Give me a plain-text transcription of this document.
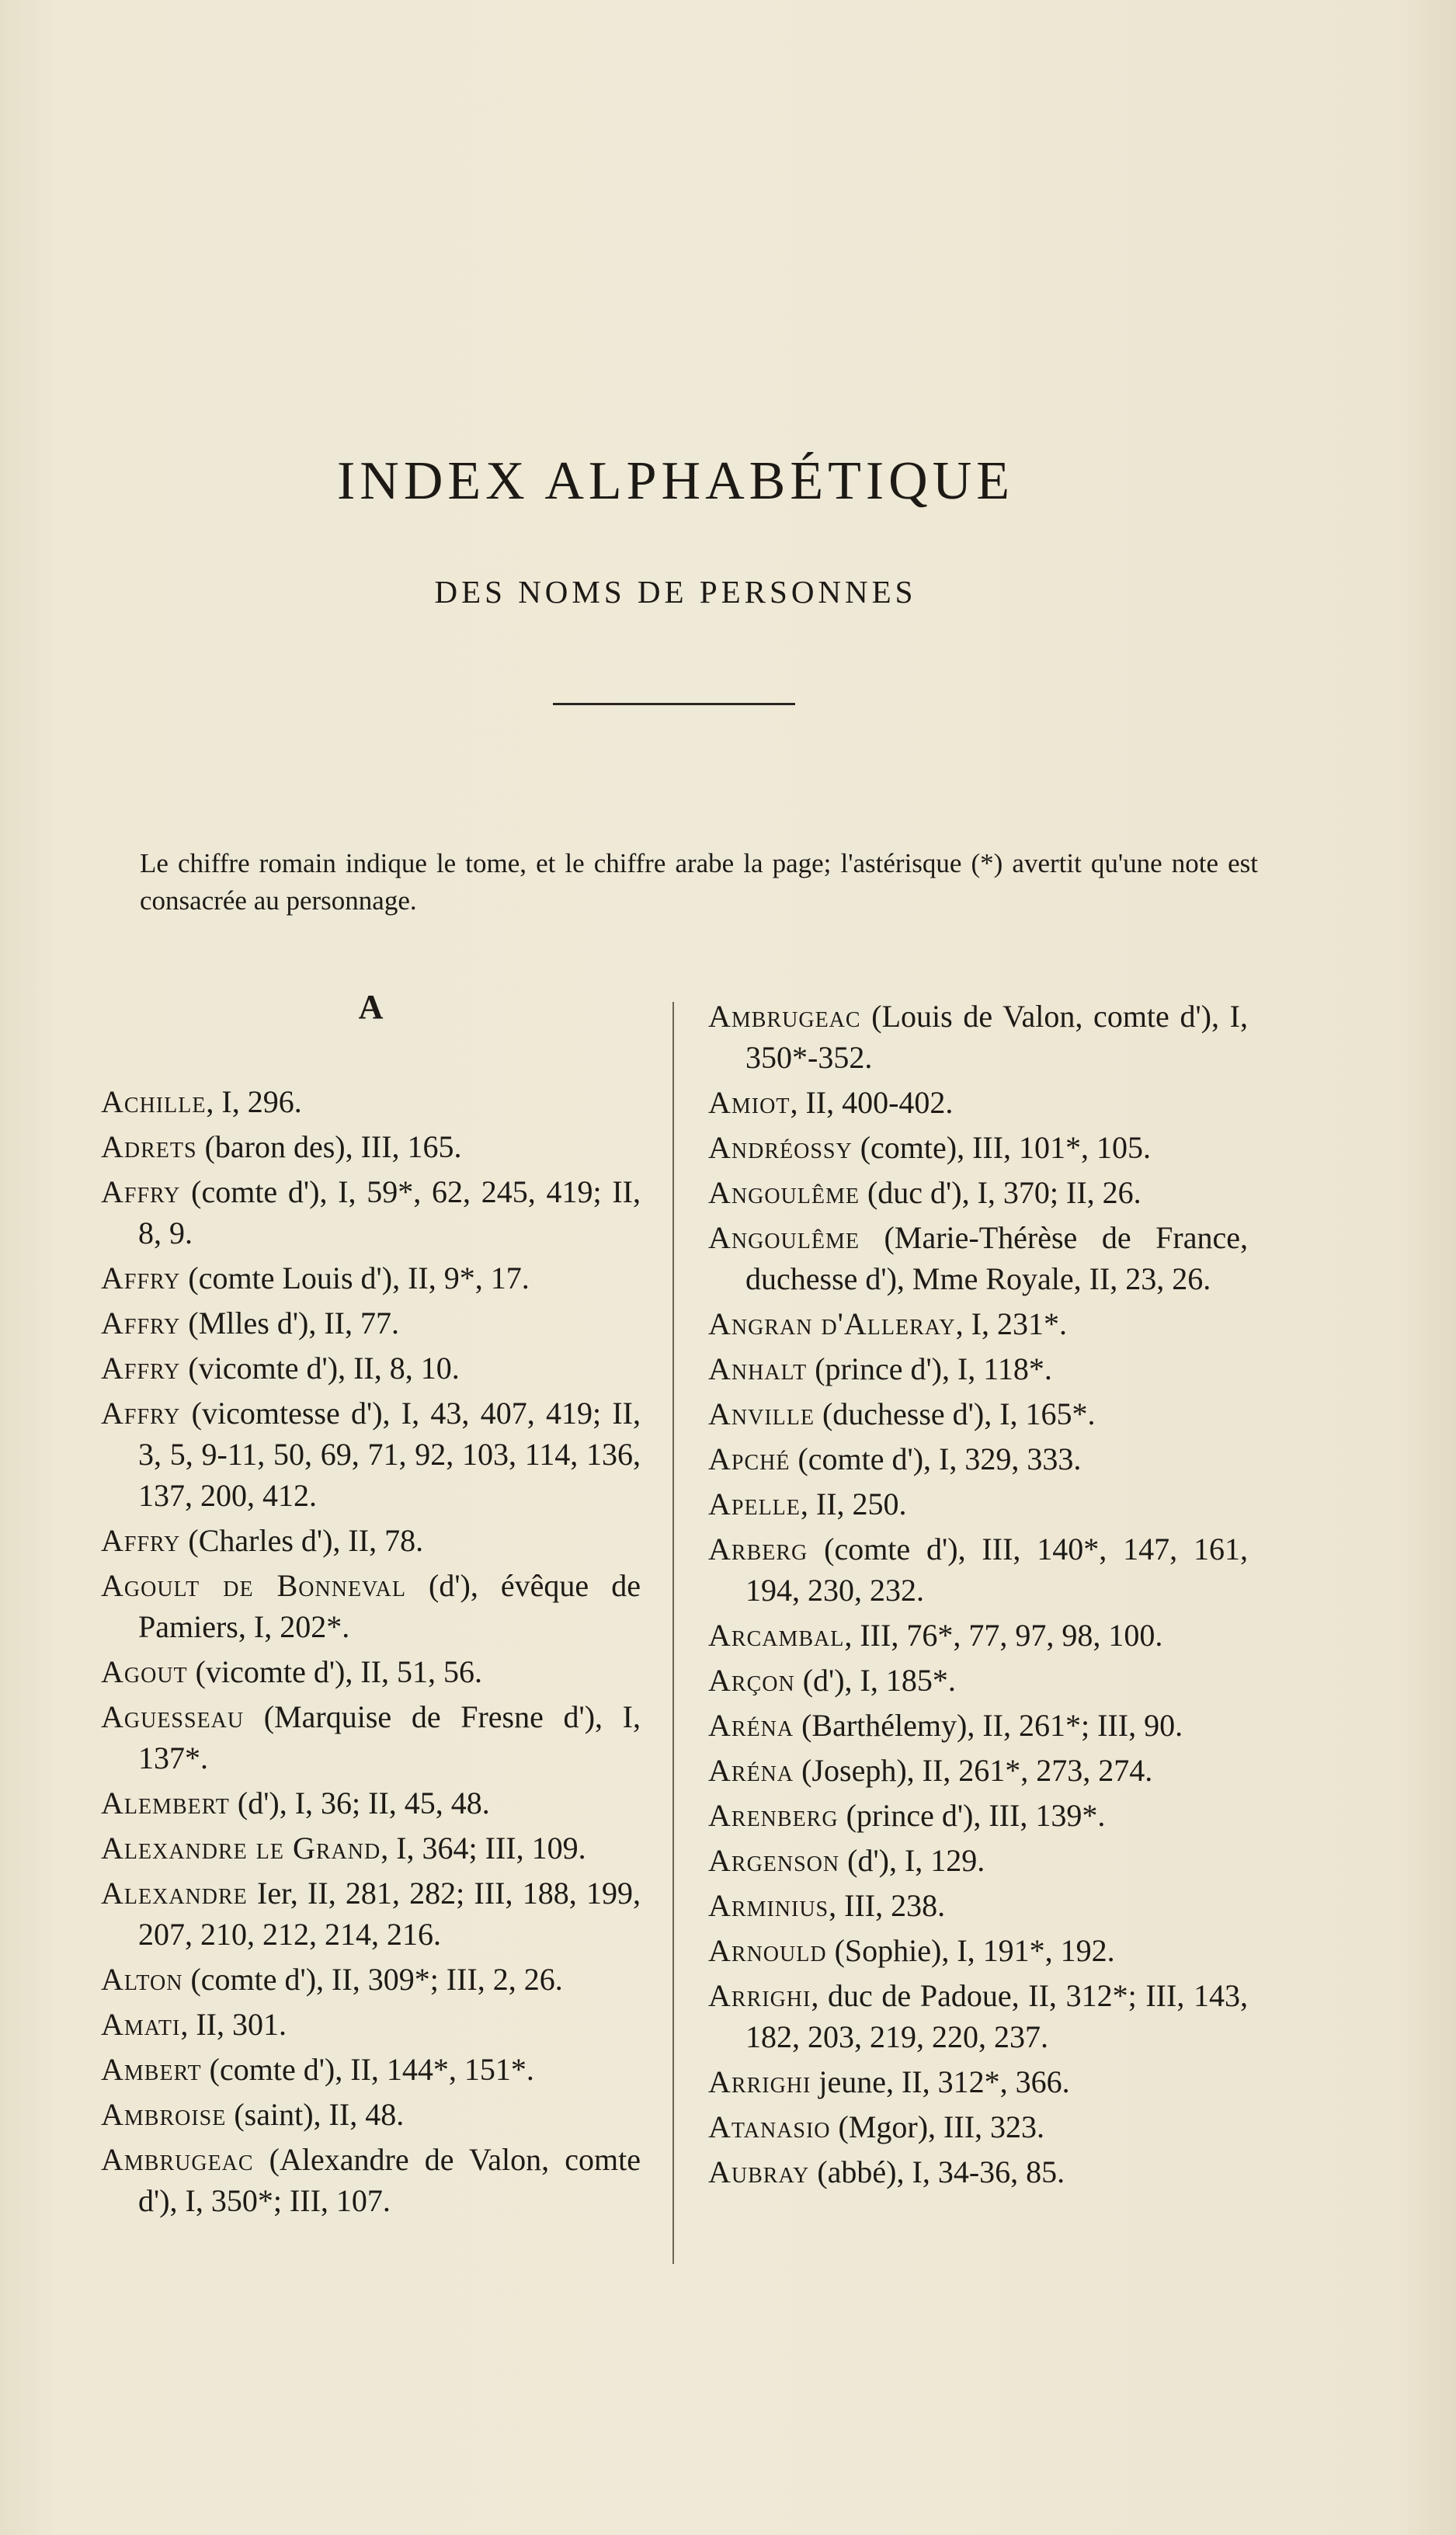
INDEX ALPHABÉTIQUE
DES NOMS DE PERSONNES
Le chiffre romain indique le tome, et le chiffre arabe la page; l'astérisque (*) avertit qu'une note est consacrée au personnage.
A
Achille, I, 296.
Adrets (baron des), III, 165.
Affry (comte d'), I, 59*, 62, 245, 419; II, 8, 9.
Affry (comte Louis d'), II, 9*, 17.
Affry (Mlles d'), II, 77.
Affry (vicomte d'), II, 8, 10.
Affry (vicomtesse d'), I, 43, 407, 419; II, 3, 5, 9-11, 50, 69, 71, 92, 103, 114, 136, 137, 200, 412.
Affry (Charles d'), II, 78.
Agoult de Bonneval (d'), évêque de Pamiers, I, 202*.
Agout (vicomte d'), II, 51, 56.
Aguesseau (Marquise de Fresne d'), I, 137*.
Alembert (d'), I, 36; II, 45, 48.
Alexandre le Grand, I, 364; III, 109.
Alexandre Ier, II, 281, 282; III, 188, 199, 207, 210, 212, 214, 216.
Alton (comte d'), II, 309*; III, 2, 26.
Amati, II, 301.
Ambert (comte d'), II, 144*, 151*.
Ambroise (saint), II, 48.
Ambrugeac (Alexandre de Valon, comte d'), I, 350*; III, 107.
Ambrugeac (Louis de Valon, comte d'), I, 350*-352.
Amiot, II, 400-402.
Andréossy (comte), III, 101*, 105.
Angoulême (duc d'), I, 370; II, 26.
Angoulême (Marie-Thérèse de France, duchesse d'), Mme Royale, II, 23, 26.
Angran d'Alleray, I, 231*.
Anhalt (prince d'), I, 118*.
Anville (duchesse d'), I, 165*.
Apché (comte d'), I, 329, 333.
Apelle, II, 250.
Arberg (comte d'), III, 140*, 147, 161, 194, 230, 232.
Arcambal, III, 76*, 77, 97, 98, 100.
Arçon (d'), I, 185*.
Aréna (Barthélemy), II, 261*; III, 90.
Aréna (Joseph), II, 261*, 273, 274.
Arenberg (prince d'), III, 139*.
Argenson (d'), I, 129.
Arminius, III, 238.
Arnould (Sophie), I, 191*, 192.
Arrighi, duc de Padoue, II, 312*; III, 143, 182, 203, 219, 220, 237.
Arrighi jeune, II, 312*, 366.
Atanasio (Mgor), III, 323.
Aubray (abbé), I, 34-36, 85.
